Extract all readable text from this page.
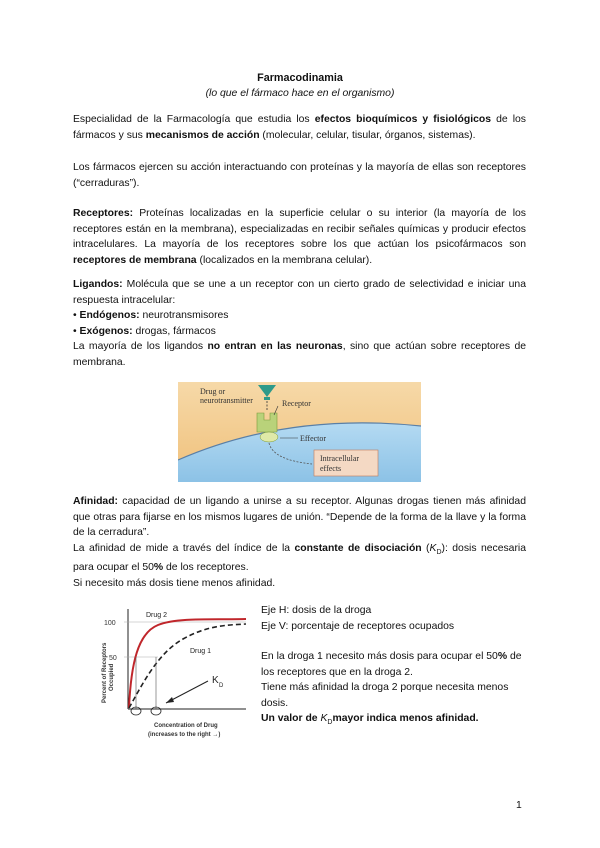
Farmacodinamia
(lo que el fármaco hace en el organismo)

Especialidad de la Farmacología que estudia los efectos bioquímicos y fisiológicos de los fármacos y sus mecanismos de acción (molecular, celular, tisular, órganos, sistemas).

Los fármacos ejercen su acción interactuando con proteínas y la mayoría de ellas son receptores (“cerraduras”).

Receptores: Proteínas localizadas en la superficie celular o su interior (la mayoría de los receptores están en la membrana), especializadas en recibir señales químicas y producir efectos intracelulares. La mayoría de los receptores sobre los que actúan los psicofármacos son receptores de membrana (localizados en la membrana celular).

Ligandos: Molécula que se une a un receptor con un cierto grado de selectividad e iniciar una respuesta intracelular:
• Endógenos: neurotransmisores
• Exógenos: drogas, fármacos
La mayoría de los ligandos no entran en las neuronas, sino que actúan sobre receptores de membrana.
Drug or
neurotransmitter	Receptor
Effector
Intracellular
effects
Afinidad: capacidad de un ligando a unirse a su receptor. Algunas drogas tienen más afinidad que otras para fijarse en los mismos lugares de unión. “Depende de la forma de la llave y la forma de la cerradura”.
La afinidad de mide a través del índice de la constante de disociación $(K_D)$: dosis necesaria para ocupar el 50% de los receptores.
Si necesito más dosis tiene menos afinidad.
Percent of Receptors Occupied
100
50
Drug 2
Drug 1
K D
Concentration of Drug
(increases to the right →)

Eje H: dosis de la droga

Eje V: porcentaje de receptores ocupados

En la droga 1 necesito más dosis para ocupar el 50% de los receptores que en la droga 2.

Tiene más afinidad la droga 2 porque necesita menos dosis.

Un valor de $K_Dmayor$ indica menos afinidad.

1
